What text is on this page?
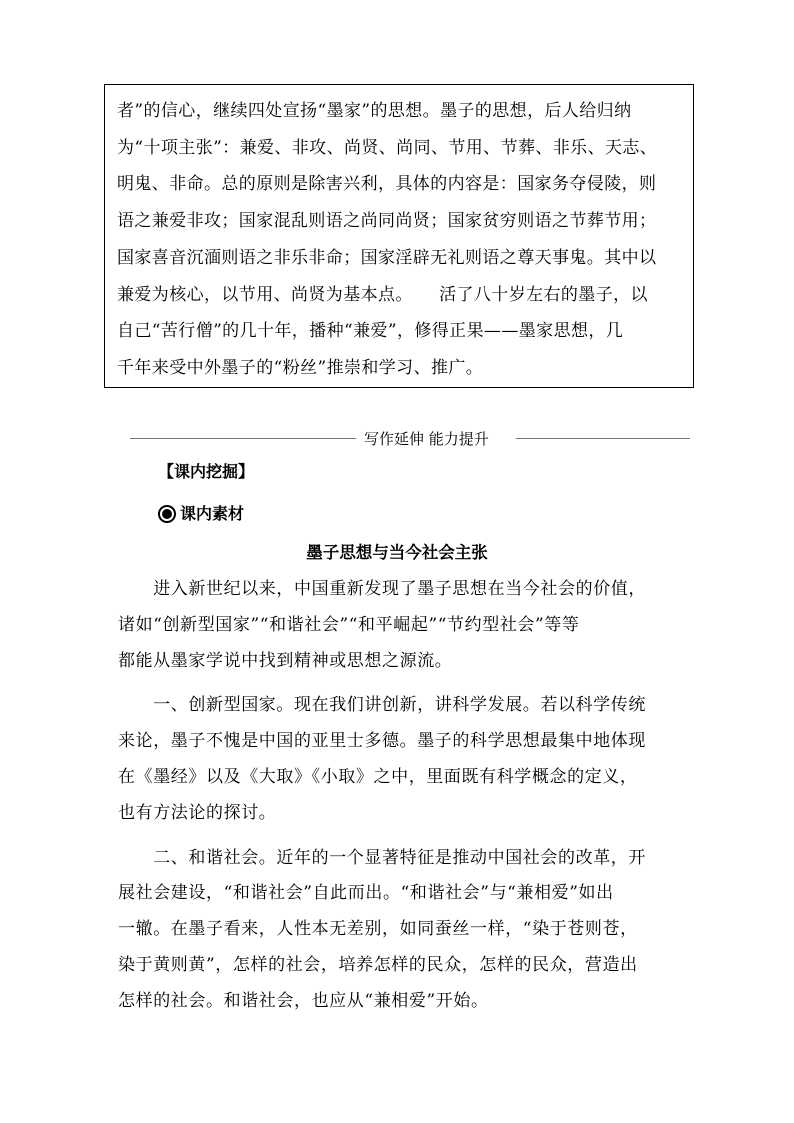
者”的信心，继续四处宣扬“墨家”的思想。墨子的思想，后人给归纳
为“十项主张”：兼爱、非攻、尚贤、尚同、节用、节葬、非乐、天志、
明鬼、非命。总的原则是除害兴利，具体的内容是：国家务夺侵陵，则
语之兼爱非攻；国家混乱则语之尚同尚贤；国家贫穷则语之节葬节用；
国家喜音沉湎则语之非乐非命；国家淫辟无礼则语之尊天事鬼。其中以
兼爱为核心，以节用、尚贤为基本点。　　活了八十岁左右的墨子，以
自己“苦行僧”的几十年，播种“兼爱”，修得正果——墨家思想，几
千年来受中外墨子的“粉丝”推崇和学习、推广。
写作延伸 能力提升
【课内挖掘】
课内素材
墨子思想与当今社会主张
　　进入新世纪以来，中国重新发现了墨子思想在当今社会的价值，
诸如“创新型国家”“和谐社会”“和平崛起”“节约型社会”等等
都能从墨家学说中找到精神或思想之源流。
　　一、创新型国家。现在我们讲创新，讲科学发展。若以科学传统
来论，墨子不愧是中国的亚里士多德。墨子的科学思想最集中地体现
在《墨经》以及《大取》《小取》之中，里面既有科学概念的定义，
也有方法论的探讨。
　　二、和谐社会。近年的一个显著特征是推动中国社会的改革，开
展社会建设，“和谐社会”自此而出。“和谐社会”与“兼相爱”如出
一辙。在墨子看来，人性本无差别，如同蚕丝一样，“染于苍则苍，
染于黄则黄”，怎样的社会，培养怎样的民众，怎样的民众，营造出
怎样的社会。和谐社会，也应从“兼相爱”开始。
